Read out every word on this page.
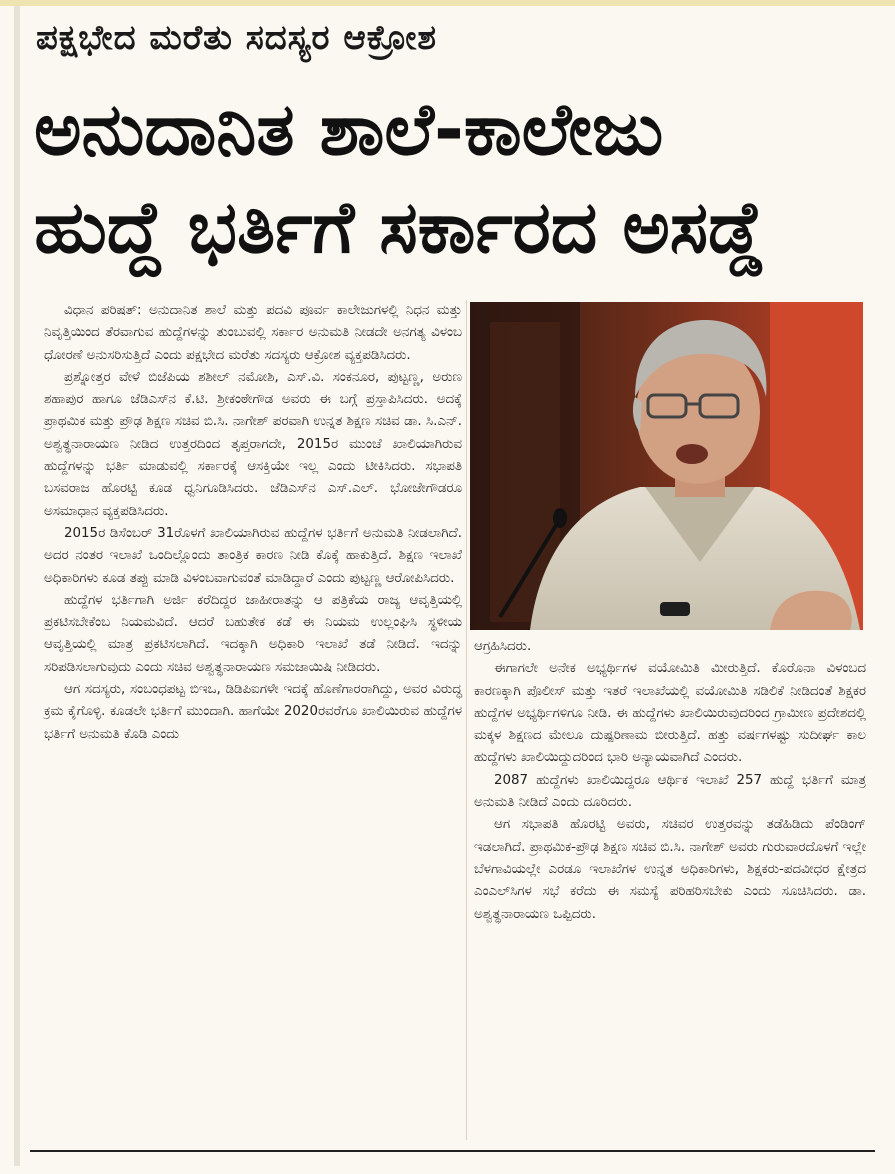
ಪಕ್ಷಭೇದ ಮರೆತು ಸದಸ್ಯರ ಆಕ್ರೋಶ
ಅನುದಾನಿತ ಶಾಲೆ-ಕಾಲೇಜು
ಹುದ್ದೆ ಭರ್ತಿಗೆ ಸರ್ಕಾರದ ಅಸಡ್ಡೆ

ವಿಧಾನ ಪರಿಷತ್: ಅನುದಾನಿತ ಶಾಲೆ ಮತ್ತು ಪದವಿ ಪೂರ್ವ ಕಾಲೇಜುಗಳಲ್ಲಿ ನಿಧನ ಮತ್ತು ನಿವೃತ್ತಿಯಿಂದ ತೆರವಾಗುವ ಹುದ್ದೆಗಳನ್ನು ತುಂಬುವಲ್ಲಿ ಸರ್ಕಾರ ಅನುಮತಿ ನೀಡದೇ ಅನಗತ್ಯ ವಿಳಂಬ ಧೋರಣೆ ಅನುಸರಿಸುತ್ತಿದೆ ಎಂದು ಪಕ್ಷಭೇದ ಮರೆತು ಸದಸ್ಯರು ಆಕ್ರೋಶ ವ್ಯಕ್ತಪಡಿಸಿದರು.

ಪ್ರಶ್ನೋತ್ತರ ವೇಳೆ ಬಿಜೆಪಿಯ ಶಶೀಲ್ ನಮೋಶಿ, ಎಸ್.ವಿ. ಸಂಕನೂರ, ಪುಟ್ಟಣ್ಣ, ಅರುಣ ಶಹಾಪುರ ಹಾಗೂ ಜೆಡಿಎಸ್‌ನ ಕೆ.ಟಿ. ಶ್ರೀಕಂಠೇಗೌಡ ಅವರು ಈ ಬಗ್ಗೆ ಪ್ರಸ್ತಾಪಿಸಿದರು. ಅದಕ್ಕೆ ಪ್ರಾಥಮಿಕ ಮತ್ತು ಪ್ರೌಢ ಶಿಕ್ಷಣ ಸಚಿವ ಬಿ.ಸಿ. ನಾಗೇಶ್ ಪರವಾಗಿ ಉನ್ನತ ಶಿಕ್ಷಣ ಸಚಿವ ಡಾ. ಸಿ.ಎನ್. ಅಶ್ವತ್ಥನಾರಾಯಣ ನೀಡಿದ ಉತ್ತರದಿಂದ ತೃಪ್ತರಾಗದೇ, 2015ರ ಮುಂಚೆ ಖಾಲಿಯಾಗಿರುವ ಹುದ್ದೆಗಳನ್ನು ಭರ್ತಿ ಮಾಡುವಲ್ಲಿ ಸರ್ಕಾರಕ್ಕೆ ಆಸಕ್ತಿಯೇ ಇಲ್ಲ ಎಂದು ಟೀಕಿಸಿದರು. ಸಭಾಪತಿ ಬಸವರಾಜ ಹೊರಟ್ಟಿ ಕೂಡ ಧ್ವನಿಗೂಡಿಸಿದರು. ಜೆಡಿಎಸ್‌ನ ಎಸ್.ಎಲ್. ಭೋಜೇಗೌಡರೂ ಅಸಮಾಧಾನ ವ್ಯಕ್ತಪಡಿಸಿದರು.

2015ರ ಡಿಸೆಂಬರ್ 31ರೊಳಗೆ ಖಾಲಿಯಾಗಿರುವ ಹುದ್ದೆಗಳ ಭರ್ತಿಗೆ ಅನುಮತಿ ನೀಡಲಾಗಿದೆ. ಅದರ ನಂತರ ಇಲಾಖೆ ಒಂದಿಲ್ಲೊಂದು ತಾಂತ್ರಿಕ ಕಾರಣ ನೀಡಿ ಕೊಕ್ಕೆ ಹಾಕುತ್ತಿದೆ. ಶಿಕ್ಷಣ ಇಲಾಖೆ ಅಧಿಕಾರಿಗಳು ಕೂಡ ತಪ್ಪು ಮಾಡಿ ವಿಳಂಬವಾಗುವಂತೆ ಮಾಡಿದ್ದಾರೆ ಎಂದು ಪುಟ್ಟಣ್ಣ ಆರೋಪಿಸಿದರು.

ಹುದ್ದೆಗಳ ಭರ್ತಿಗಾಗಿ ಅರ್ಜಿ ಕರೆದಿದ್ದರ ಜಾಹೀರಾತನ್ನು ಆ ಪತ್ರಿಕೆಯ ರಾಜ್ಯ ಆವೃತ್ತಿಯಲ್ಲಿ ಪ್ರಕಟಿಸಬೇಕೆಂಬ ನಿಯಮವಿದೆ. ಆದರೆ ಬಹುತೇಕ ಕಡೆ ಈ ನಿಯಮ ಉಲ್ಲಂಘಿಸಿ ಸ್ಥಳೀಯ ಆವೃತ್ತಿಯಲ್ಲಿ ಮಾತ್ರ ಪ್ರಕಟಿಸಲಾಗಿದೆ. ಇದಕ್ಕಾಗಿ ಅಧಿಕಾರಿ ಇಲಾಖೆ ತಡೆ ನೀಡಿದೆ. ಇದನ್ನು ಸರಿಪಡಿಸಲಾಗುವುದು ಎಂದು ಸಚಿವ ಅಶ್ವತ್ಥನಾರಾಯಣ ಸಮಜಾಯಿಷಿ ನೀಡಿದರು.

ಆಗ ಸದಸ್ಯರು, ಸಂಬಂಧಪಟ್ಟ ಬಿಇಒ, ಡಿಡಿಪಿಐಗಳೇ ಇದಕ್ಕೆ ಹೊಣೆಗಾರರಾಗಿದ್ದು, ಅವರ ವಿರುದ್ಧ ಕ್ರಮ ಕೈಗೊಳ್ಳಿ. ಕೂಡಲೇ ಭರ್ತಿಗೆ ಮುಂದಾಗಿ. ಹಾಗೆಯೇ 2020ರವರೆಗೂ ಖಾಲಿಯಿರುವ ಹುದ್ದೆಗಳ ಭರ್ತಿಗೆ ಅನುಮತಿ ಕೊಡಿ ಎಂದು

ಆಗ್ರಹಿಸಿದರು.

ಈಗಾಗಲೇ ಅನೇಕ ಅಭ್ಯರ್ಥಿಗಳ ವಯೋಮಿತಿ ಮೀರುತ್ತಿದೆ. ಕೊರೊನಾ ವಿಳಂಬದ ಕಾರಣಕ್ಕಾಗಿ ಪೊಲೀಸ್ ಮತ್ತು ಇತರೆ ಇಲಾಖೆಯಲ್ಲಿ ವಯೋಮಿತಿ ಸಡಿಲಿಕೆ ನೀಡಿದಂತೆ ಶಿಕ್ಷಕರ ಹುದ್ದೆಗಳ ಅಭ್ಯರ್ಥಿಗಳಿಗೂ ನೀಡಿ. ಈ ಹುದ್ದೆಗಳು ಖಾಲಿಯಿರುವುದರಿಂದ ಗ್ರಾಮೀಣ ಪ್ರದೇಶದಲ್ಲಿ ಮಕ್ಕಳ ಶಿಕ್ಷಣದ ಮೇಲೂ ದುಷ್ಪರಿಣಾಮ ಬೀರುತ್ತಿದೆ. ಹತ್ತು ವರ್ಷಗಳಷ್ಟು ಸುದೀರ್ಘ ಕಾಲ ಹುದ್ದೆಗಳು ಖಾಲಿಯಿದ್ದುದರಿಂದ ಭಾರಿ ಅನ್ಯಾಯವಾಗಿದೆ ಎಂದರು.

2087 ಹುದ್ದೆಗಳು ಖಾಲಿಯಿದ್ದರೂ ಆರ್ಥಿಕ ಇಲಾಖೆ 257 ಹುದ್ದೆ ಭರ್ತಿಗೆ ಮಾತ್ರ ಅನುಮತಿ ನೀಡಿದೆ ಎಂದು ದೂರಿದರು.

ಆಗ ಸಭಾಪತಿ ಹೊರಟ್ಟಿ ಅವರು, ಸಚಿವರ ಉತ್ತರವನ್ನು ತಡೆಹಿಡಿದು ಪೆಂಡಿಂಗ್ ಇಡಲಾಗಿದೆ. ಪ್ರಾಥಮಿಕ-ಪ್ರೌಢ ಶಿಕ್ಷಣ ಸಚಿವ ಬಿ.ಸಿ. ನಾಗೇಶ್ ಅವರು ಗುರುವಾರದೊಳಗೆ ಇಲ್ಲೇ ಬೆಳಗಾವಿಯಲ್ಲೇ ಎರಡೂ ಇಲಾಖೆಗಳ ಉನ್ನತ ಅಧಿಕಾರಿಗಳು, ಶಿಕ್ಷಕರು-ಪದವೀಧರ ಕ್ಷೇತ್ರದ ಎಂಎಲ್‌ಸಿಗಳ ಸಭೆ ಕರೆದು ಈ ಸಮಸ್ಯೆ ಪರಿಹರಿಸಬೇಕು ಎಂದು ಸೂಚಿಸಿದರು. ಡಾ. ಅಶ್ವತ್ಥನಾರಾಯಣ ಒಪ್ಪಿದರು.
